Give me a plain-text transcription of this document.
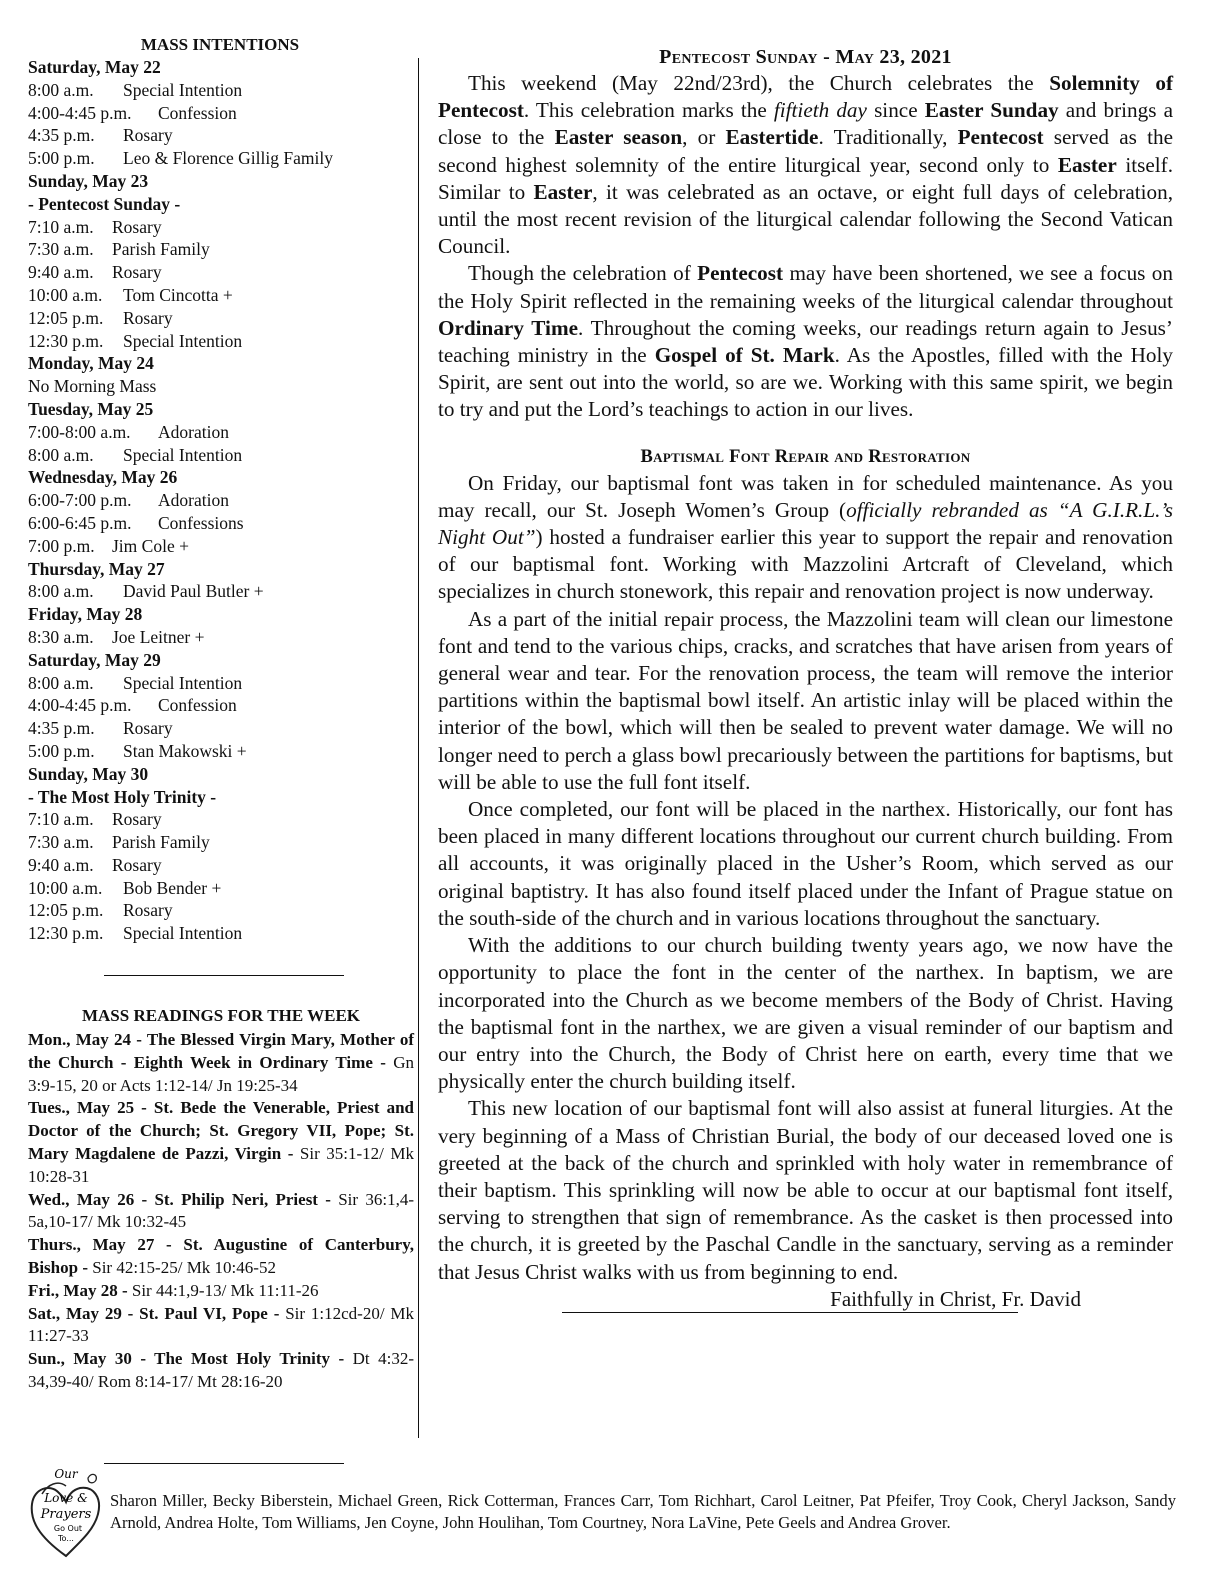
MASS INTENTIONS
Saturday, May 22
8:00 a.m. Special Intention
4:00-4:45 p.m. Confession
4:35 p.m. Rosary
5:00 p.m. Leo & Florence Gillig Family
Sunday, May 23
- Pentecost Sunday -
7:10 a.m. Rosary
7:30 a.m. Parish Family
9:40 a.m. Rosary
10:00 a.m. Tom Cincotta +
12:05 p.m. Rosary
12:30 p.m. Special Intention
Monday, May 24
No Morning Mass
Tuesday, May 25
7:00-8:00 a.m. Adoration
8:00 a.m. Special Intention
Wednesday, May 26
6:00-7:00 p.m. Adoration
6:00-6:45 p.m. Confessions
7:00 p.m. Jim Cole +
Thursday, May 27
8:00 a.m. David Paul Butler +
Friday, May 28
8:30 a.m. Joe Leitner +
Saturday, May 29
8:00 a.m. Special Intention
4:00-4:45 p.m. Confession
4:35 p.m. Rosary
5:00 p.m. Stan Makowski +
Sunday, May 30
- The Most Holy Trinity -
7:10 a.m. Rosary
7:30 a.m. Parish Family
9:40 a.m. Rosary
10:00 a.m. Bob Bender +
12:05 p.m. Rosary
12:30 p.m. Special Intention
MASS READINGS FOR THE WEEK
Mon., May 24 - The Blessed Virgin Mary, Mother of the Church - Eighth Week in Ordinary Time - Gn 3:9-15, 20 or Acts 1:12-14/ Jn 19:25-34
Tues., May 25 - St. Bede the Venerable, Priest and Doctor of the Church; St. Gregory VII, Pope; St. Mary Magdalene de Pazzi, Virgin - Sir 35:1-12/ Mk 10:28-31
Wed., May 26 - St. Philip Neri, Priest - Sir 36:1,4-5a,10-17/ Mk 10:32-45
Thurs., May 27 - St. Augustine of Canterbury, Bishop - Sir 42:15-25/ Mk 10:46-52
Fri., May 28 - Sir 44:1,9-13/ Mk 11:11-26
Sat., May 29 - St. Paul VI, Pope - Sir 1:12cd-20/ Mk 11:27-33
Sun., May 30 - The Most Holy Trinity - Dt 4:32-34,39-40/ Rom 8:14-17/ Mt 28:16-20
Pentecost Sunday - May 23, 2021

This weekend (May 22nd/23rd), the Church celebrates the Solemnity of Pentecost. This celebration marks the fiftieth day since Easter Sunday and brings a close to the Easter season, or Eastertide. Traditionally, Pentecost served as the second highest solemnity of the entire liturgical year, second only to Easter itself. Similar to Easter, it was celebrated as an octave, or eight full days of celebration, until the most recent revision of the liturgical calendar following the Second Vatican Council.

Though the celebration of Pentecost may have been shortened, we see a focus on the Holy Spirit reflected in the remaining weeks of the liturgical calendar throughout Ordinary Time. Throughout the coming weeks, our readings return again to Jesus’ teaching ministry in the Gospel of St. Mark. As the Apostles, filled with the Holy Spirit, are sent out into the world, so are we. Working with this same spirit, we begin to try and put the Lord’s teachings to action in our lives.

Baptismal Font Repair and Restoration

On Friday, our baptismal font was taken in for scheduled maintenance. As you may recall, our St. Joseph Women’s Group (officially rebranded as “A G.I.R.L.’s Night Out”) hosted a fundraiser earlier this year to support the repair and renovation of our baptismal font. Working with Mazzolini Artcraft of Cleveland, which specializes in church stonework, this repair and renovation project is now underway.

As a part of the initial repair process, the Mazzolini team will clean our limestone font and tend to the various chips, cracks, and scratches that have arisen from years of general wear and tear. For the renovation process, the team will remove the interior partitions within the baptismal bowl itself. An artistic inlay will be placed within the interior of the bowl, which will then be sealed to prevent water damage. We will no longer need to perch a glass bowl precariously between the partitions for baptisms, but will be able to use the full font itself.

Once completed, our font will be placed in the narthex. Historically, our font has been placed in many different locations throughout our current church building. From all accounts, it was originally placed in the Usher’s Room, which served as our original baptistry. It has also found itself placed under the Infant of Prague statue on the south-side of the church and in various locations throughout the sanctuary.

With the additions to our church building twenty years ago, we now have the opportunity to place the font in the center of the narthex. In baptism, we are incorporated into the Church as we become members of the Body of Christ. Having the baptismal font in the narthex, we are given a visual reminder of our baptism and our entry into the Church, the Body of Christ here on earth, every time that we physically enter the church building itself.

This new location of our baptismal font will also assist at funeral liturgies. At the very beginning of a Mass of Christian Burial, the body of our deceased loved one is greeted at the back of the church and sprinkled with holy water in remembrance of their baptism. This sprinkling will now be able to occur at our baptismal font itself, serving to strengthen that sign of remembrance. As the casket is then processed into the church, it is greeted by the Paschal Candle in the sanctuary, serving as a reminder that Jesus Christ walks with us from beginning to end.

Faithfully in Christ, Fr. David
Our
Love &
Prayers
Go Out
To...
Sharon Miller, Becky Biberstein, Michael Green, Rick Cotterman, Frances Carr, Tom Richhart, Carol Leitner, Pat Pfeifer, Troy Cook, Cheryl Jackson, Sandy Arnold, Andrea Holte, Tom Williams, Jen Coyne, John Houlihan, Tom Courtney, Nora LaVine, Pete Geels and Andrea Grover.
